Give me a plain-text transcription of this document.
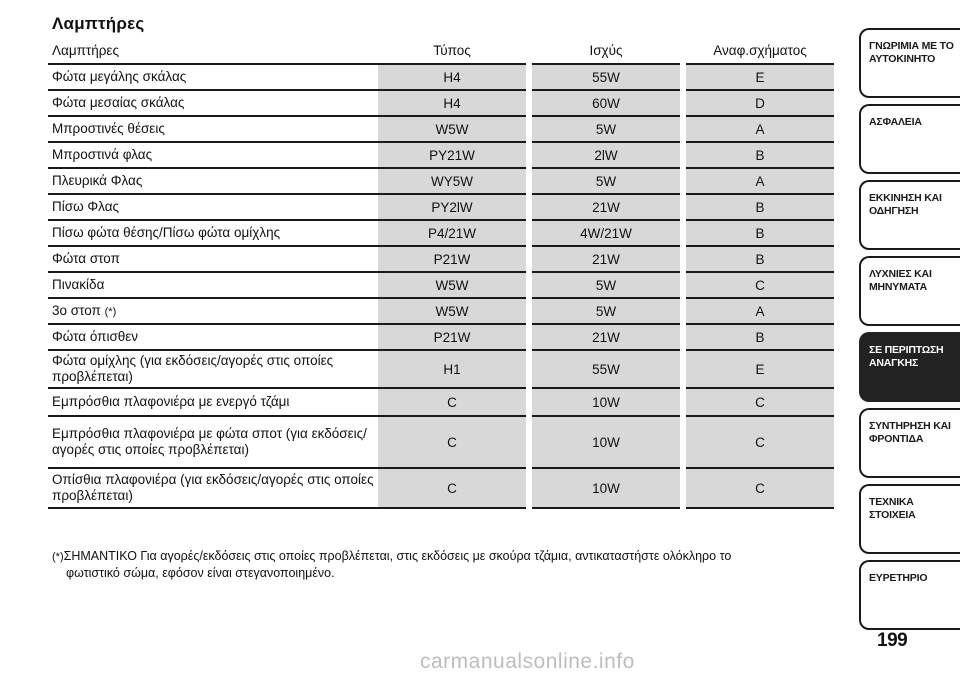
Λαμπτήρες
Λαμπτήρες	Τύπος	Ισχύς	Αναφ.σχήματος
Φώτα μεγάλης σκάλας	H4	55W	E
Φώτα μεσαίας σκάλας	H4	60W	D
Μπροστινές θέσεις	W5W	5W	A
Μπροστινά φλας	PY21W	2lW	B
Πλευρικά Φλας	WY5W	5W	A
Πίσω Φλας	PY2lW	21W	B
Πίσω φώτα θέσης/Πίσω φώτα ομίχλης	P4/21W	4W/21W	B
Φώτα στοπ	P21W	21W	B
Πινακίδα	W5W	5W	C
3ο στοπ (*)	W5W	5W	A
Φώτα όπισθεν	P21W	21W	B
Φώτα ομίχλης (για εκδόσεις/αγορές στις οποίες προβλέπεται)	H1	55W	E
Εμπρόσθια πλαφονιέρα με ενεργό τζάμι	C	10W	C
Εμπρόσθια πλαφονιέρα με φώτα σποτ (για εκδόσεις/αγορές στις οποίες προβλέπεται)	C	10W	C
Οπίσθια πλαφονιέρα (για εκδόσεις/αγορές στις οποίες προβλέπεται)	C	10W	C
(*)ΣΗΜΑΝΤΙΚΟ Για αγορές/εκδόσεις στις οποίες προβλέπεται, στις εκδόσεις με σκούρα τζάμια, αντικαταστήστε ολόκληρο το
φωτιστικό σώμα, εφόσον είναι στεγανοποιημένο.
ΓΝΩΡΙΜΙΑ ΜΕ ΤΟ ΑΥΤΟΚΙΝΗΤΟ
ΑΣΦΑΛΕΙΑ
ΕΚΚΙΝΗΣΗ ΚΑΙ ΟΔΗΓΗΣΗ
ΛΥΧΝΙΕΣ ΚΑΙ ΜΗΝΥΜΑΤΑ
ΣΕ ΠΕΡΙΠΤΩΣΗ ΑΝΑΓΚΗΣ
ΣΥΝΤΗΡΗΣΗ ΚΑΙ ΦΡΟΝΤΙΔΑ
ΤΕΧΝΙΚΑ ΣΤΟΙΧΕΙΑ
ΕΥΡΕΤΗΡΙΟ
199
carmanualsonline.info
